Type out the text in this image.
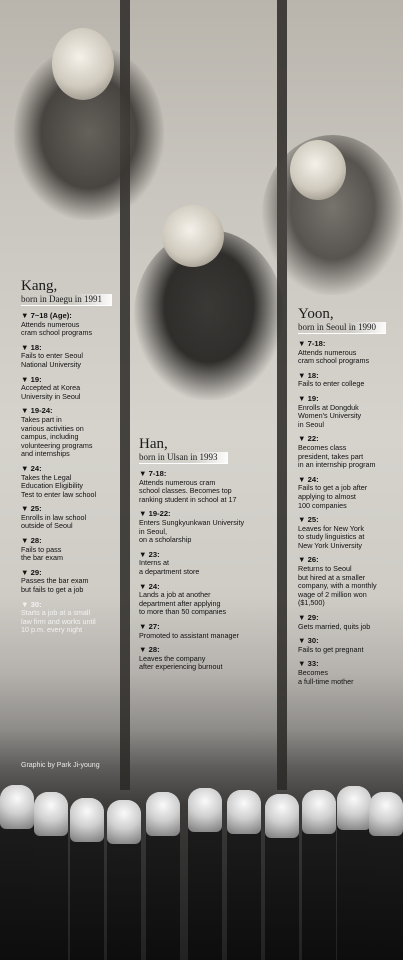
Kang,
born in Daegu in 1991
▼ 7~18 (Age):
Attends numerous
cram school programs
▼ 18:
Fails to enter Seoul
National University
▼ 19:
Accepted at Korea
University in Seoul
▼ 19-24:
Takes part in
various activities on
campus, including
volunteering programs
and internships
▼ 24:
Takes the Legal
Education Eligibility
Test to enter law school
▼ 25:
Enrolls in law school
outside of Seoul
▼ 28:
Fails to pass
the bar exam
▼ 29:
Passes the bar exam
but fails to get a job
▼ 30:
Starts a job at a small
law firm and works until
10 p.m. every night
Han,
born in Ulsan in 1993
▼ 7-18:
Attends numerous cram
school classes. Becomes top
ranking student in school at 17
▼ 19-22:
Enters Sungkyunkwan University
in Seoul,
on a scholarship
▼ 23:
Interns at
a department store
▼ 24:
Lands a job at another
department after applying
to more than 50 companies
▼ 27:
Promoted to assistant manager
▼ 28:
Leaves the company
after experiencing burnout
Yoon,
born in Seoul in 1990
▼ 7-18:
Attends numerous
cram school programs
▼ 18:
Fails to enter college
▼ 19:
Enrolls at Dongduk
Women's University
in Seoul
▼ 22:
Becomes class
president, takes part
in an internship program
▼ 24:
Fails to get a job after
applying to almost
100 companies
▼ 25:
Leaves for New York
to study linguistics at
New York University
▼ 26:
Returns to Seoul
but hired at a smaller
company, with a monthly
wage of 2 million won
($1,500)
▼ 29:
Gets married, quits job
▼ 30:
Fails to get pregnant
▼ 33:
Becomes
a full-time mother
Graphic by Park Ji-young
